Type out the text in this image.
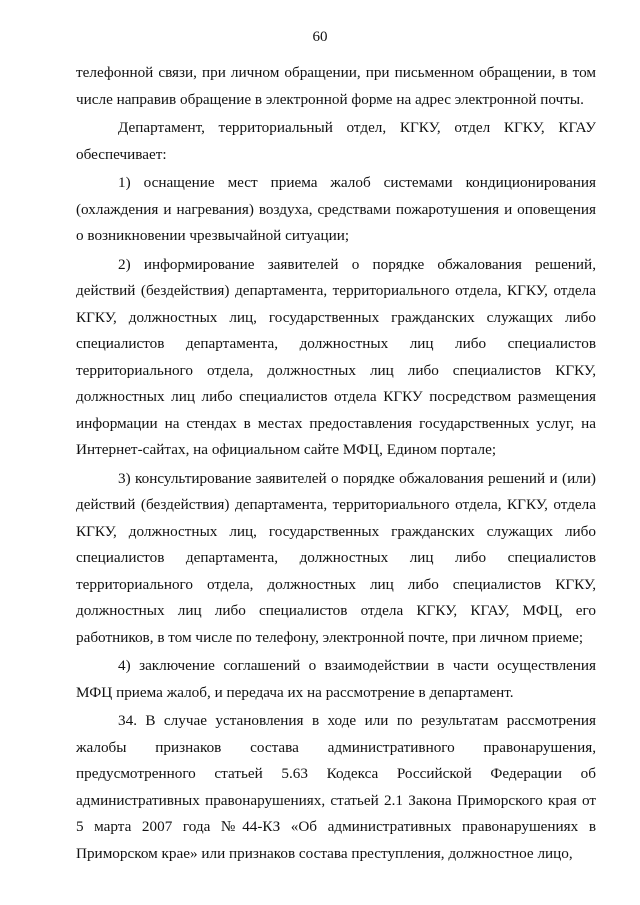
60

телефонной связи, при личном обращении, при письменном обращении, в том числе направив обращение в электронной форме на адрес электронной почты.

Департамент, территориальный отдел, КГКУ, отдел КГКУ, КГАУ обеспечивает:

1) оснащение мест приема жалоб системами кондиционирования (охлаждения и нагревания) воздуха, средствами пожаротушения и оповещения о возникновении чрезвычайной ситуации;

2) информирование заявителей о порядке обжалования решений, действий (бездействия) департамента, территориального отдела, КГКУ, отдела КГКУ, должностных лиц, государственных гражданских служащих либо специалистов департамента, должностных лиц либо специалистов территориального отдела, должностных лиц либо специалистов КГКУ, должностных лиц либо специалистов отдела КГКУ посредством размещения информации на стендах в местах предоставления государственных услуг, на Интернет-сайтах, на официальном сайте МФЦ, Едином портале;

3) консультирование заявителей о порядке обжалования решений и (или) действий (бездействия) департамента, территориального отдела, КГКУ, отдела КГКУ, должностных лиц, государственных гражданских служащих либо специалистов департамента, должностных лиц либо специалистов территориального отдела, должностных лиц либо специалистов КГКУ, должностных лиц либо специалистов отдела КГКУ, КГАУ, МФЦ, его работников, в том числе по телефону, электронной почте, при личном приеме;

4) заключение соглашений о взаимодействии в части осуществления МФЦ приема жалоб, и передача их на рассмотрение в департамент.

34. В случае установления в ходе или по результатам рассмотрения жалобы признаков состава административного правонарушения, предусмотренного статьей 5.63 Кодекса Российской Федерации об административных правонарушениях, статьей 2.1 Закона Приморского края от 5 марта 2007 года №44-КЗ «Об административных правонарушениях в Приморском крае» или признаков состава преступления, должностное лицо,
